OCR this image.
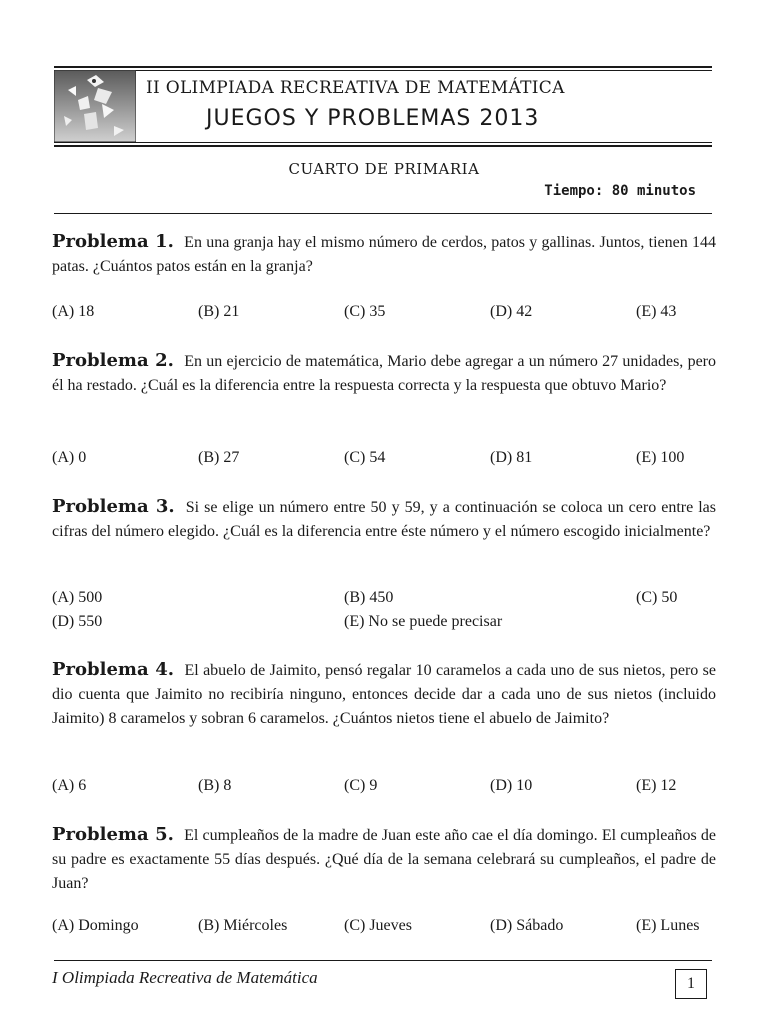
II OLIMPIADA RECREATIVA DE MATEMÁTICA
JUEGOS Y PROBLEMAS 2013
CUARTO DE PRIMARIA
Tiempo: 80 minutos
Problema 1. En una granja hay el mismo número de cerdos, patos y gallinas. Juntos, tienen 144 patas. ¿Cuántos patos están en la granja?
(A) 18	(B) 21	(C) 35	(D) 42	(E) 43
Problema 2. En un ejercicio de matemática, Mario debe agregar a un número 27 unidades, pero él ha restado. ¿Cuál es la diferencia entre la respuesta correcta y la respuesta que obtuvo Mario?
(A) 0	(B) 27	(C) 54	(D) 81	(E) 100
Problema 3. Si se elige un número entre 50 y 59, y a continuación se coloca un cero entre las cifras del número elegido. ¿Cuál es la diferencia entre éste número y el número escogido inicialmente?
(A) 500	(B) 450	(C) 50
(D) 550	(E) No se puede precisar
Problema 4. El abuelo de Jaimito, pensó regalar 10 caramelos a cada uno de sus nietos, pero se dio cuenta que Jaimito no recibiría ninguno, entonces decide dar a cada uno de sus nietos (incluido Jaimito) 8 caramelos y sobran 6 caramelos. ¿Cuántos nietos tiene el abuelo de Jaimito?
(A) 6	(B) 8	(C) 9	(D) 10	(E) 12
Problema 5. El cumpleaños de la madre de Juan este año cae el día domingo. El cumpleaños de su padre es exactamente 55 días después. ¿Qué día de la semana celebrará su cumpleaños, el padre de Juan?
(A) Domingo	(B) Miércoles	(C) Jueves	(D) Sábado	(E) Lunes
I Olimpiada Recreativa de Matemática	1
